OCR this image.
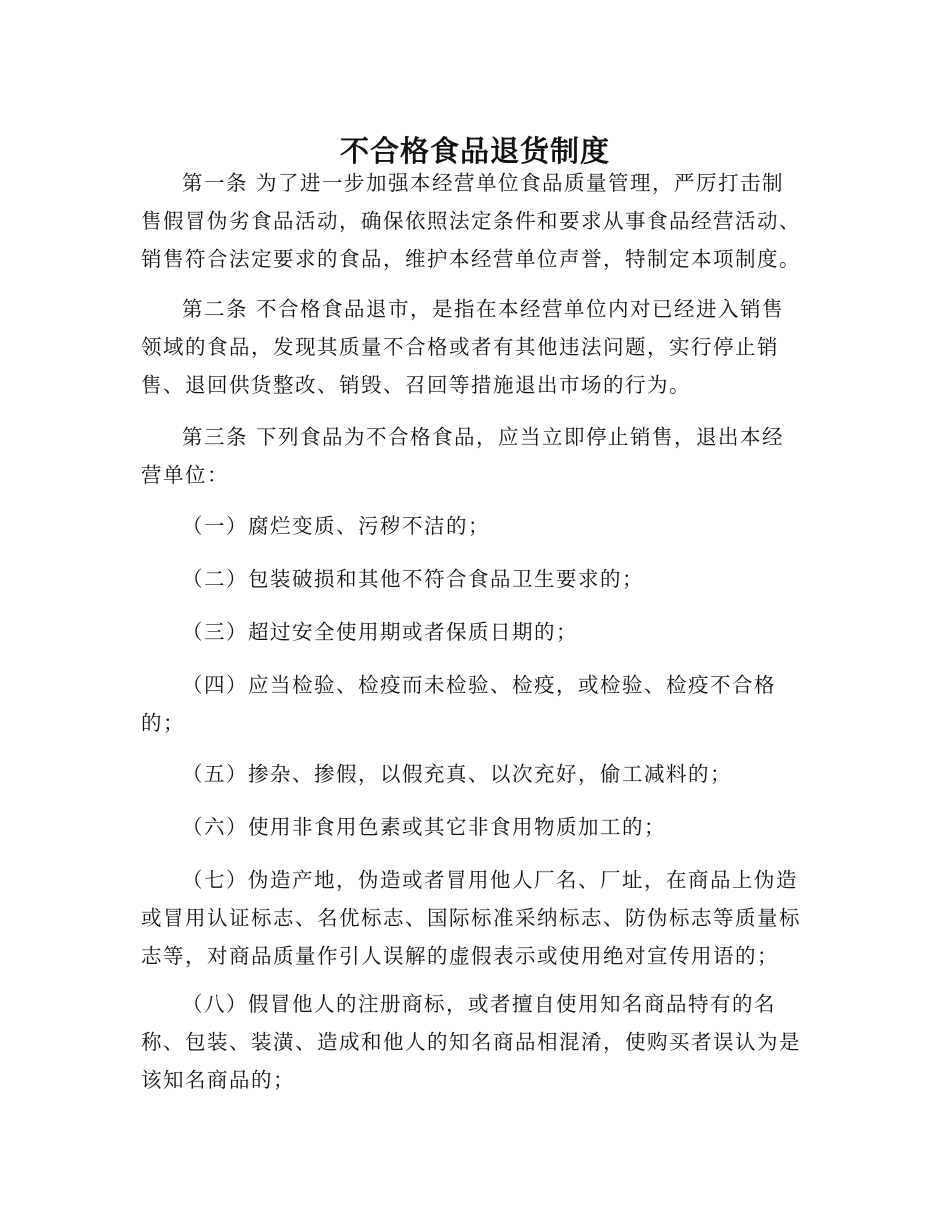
不合格食品退货制度

第一条 为了进一步加强本经营单位食品质量管理，严厉打击制售假冒伪劣食品活动，确保依照法定条件和要求从事食品经营活动、销售符合法定要求的食品，维护本经营单位声誉，特制定本项制度。

第二条 不合格食品退市，是指在本经营单位内对已经进入销售领域的食品，发现其质量不合格或者有其他违法问题，实行停止销售、退回供货整改、销毁、召回等措施退出市场的行为。

第三条 下列食品为不合格食品，应当立即停止销售，退出本经营单位：

（一）腐烂变质、污秽不洁的；

（二）包装破损和其他不符合食品卫生要求的；

（三）超过安全使用期或者保质日期的；

（四）应当检验、检疫而未检验、检疫，或检验、检疫不合格的；

（五）掺杂、掺假，以假充真、以次充好，偷工减料的；

（六）使用非食用色素或其它非食用物质加工的；

（七）伪造产地，伪造或者冒用他人厂名、厂址，在商品上伪造或冒用认证标志、名优标志、国际标准采纳标志、防伪标志等质量标志等，对商品质量作引人误解的虚假表示或使用绝对宣传用语的；

（八）假冒他人的注册商标，或者擅自使用知名商品特有的名称、包装、装潢、造成和他人的知名商品相混淆，使购买者误认为是该知名商品的；
